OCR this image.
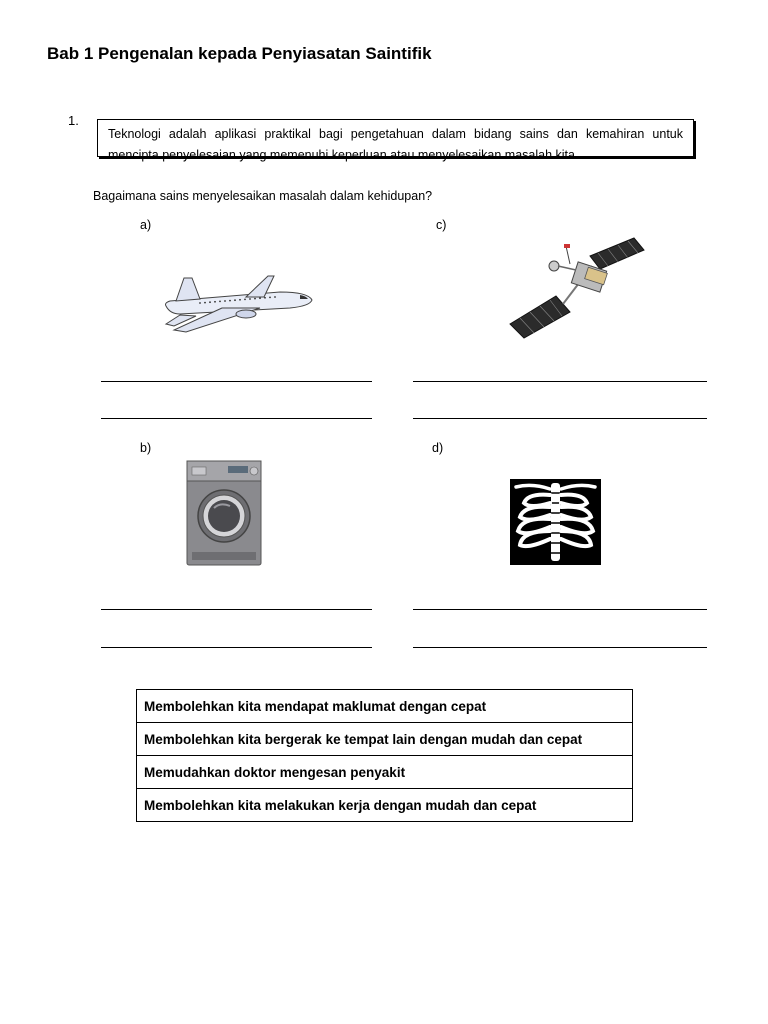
Bab 1 Pengenalan kepada Penyiasatan Saintifik
1.
Teknologi adalah aplikasi praktikal bagi pengetahuan dalam bidang sains dan kemahiran untuk mencipta penyelesaian yang memenuhi keperluan atau menyelesaikan masalah kita.
Bagaimana sains menyelesaikan masalah dalam kehidupan?
a)	c)
b)	d)
Membolehkan kita mendapat maklumat dengan cepat
Membolehkan kita bergerak ke tempat lain dengan mudah dan cepat
Memudahkan doktor mengesan penyakit
Membolehkan kita melakukan kerja dengan mudah dan cepat
